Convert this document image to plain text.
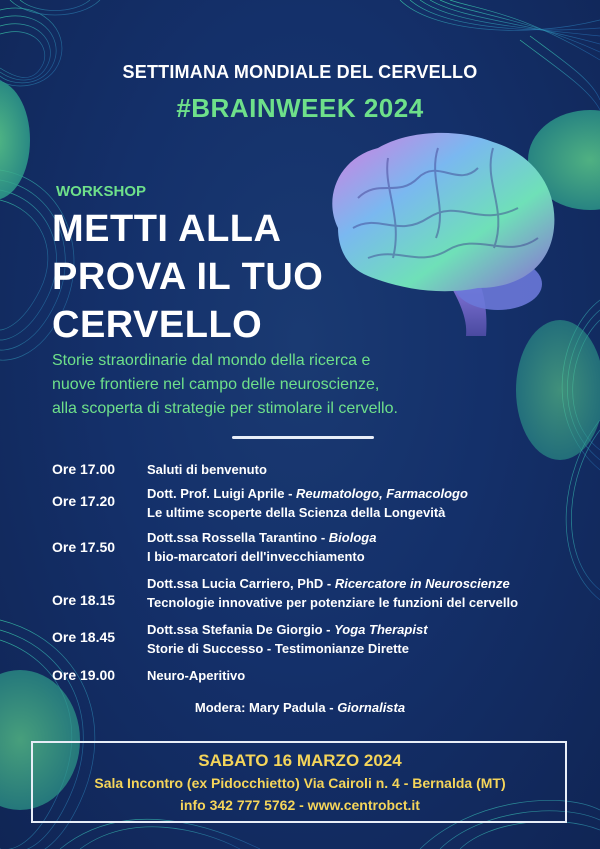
SETTIMANA MONDIALE DEL CERVELLO
#BRAINWEEK 2024
WORKSHOP
METTI ALLA
PROVA IL TUO
CERVELLO
Storie straordinarie dal mondo della ricerca e
nuove frontiere nel campo delle neuroscienze,
alla scoperta di strategie per stimolare il cervello.
Ore 17.00 Saluti di benvenuto
Ore 17.20 Dott. Prof. Luigi Aprile - Reumatologo, Farmacologo
Le ultime scoperte della Scienza della Longevità
Ore 17.50
Dott.ssa Rossella Tarantino - Biologa
I bio-marcatori dell'invecchiamento
Ore 18.15
Dott.ssa Lucia Carriero, PhD - Ricercatore in Neuroscienze
Tecnologie innovative per potenziare le funzioni del cervello
Ore 18.45 Dott.ssa Stefania De Giorgio - Yoga Therapist
Storie di Successo - Testimonianze Dirette
Ore 19.00 Neuro-Aperitivo
Modera: Mary Padula - Giornalista
SABATO 16 MARZO 2024
Sala Incontro (ex Pidocchietto) Via Cairoli n. 4 - Bernalda (MT)
info 342 777 5762 - www.centrobct.it
